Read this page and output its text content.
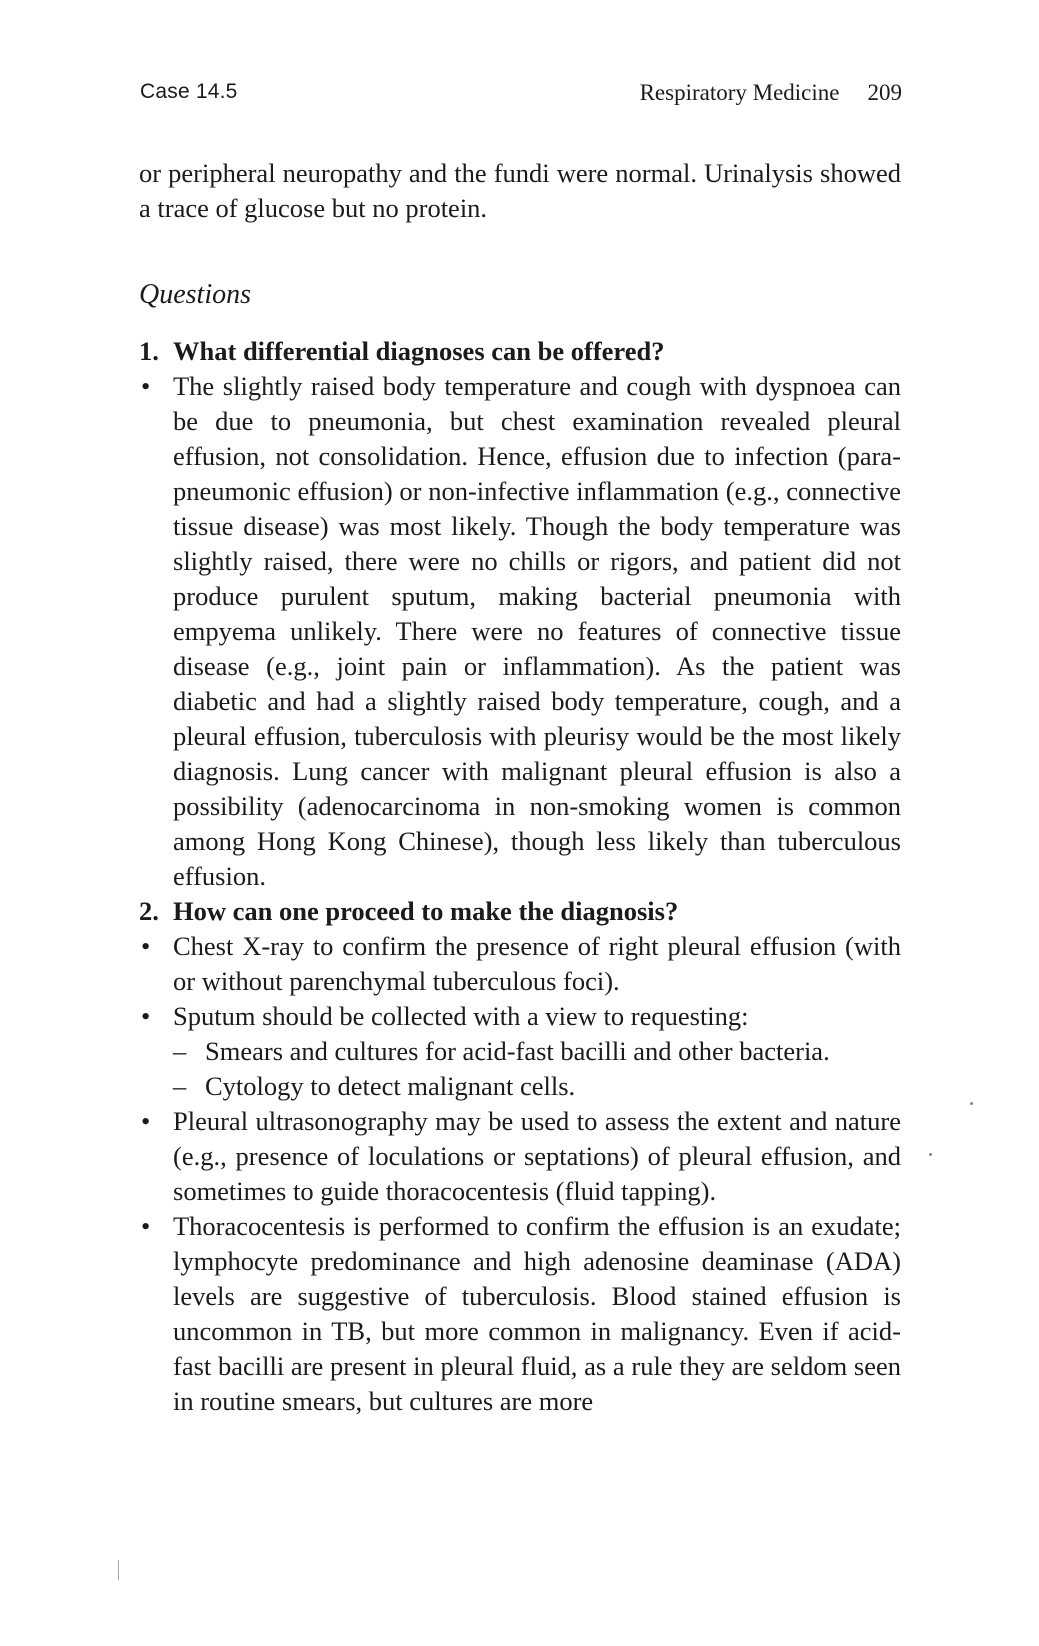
Case 14.5	Respiratory Medicine 209
or peripheral neuropathy and the fundi were normal. Urinalysis showed a trace of glucose but no protein.
Questions
1. What differential diagnoses can be offered?
• The slightly raised body temperature and cough with dyspnoea can be due to pneumonia, but chest examination revealed pleural effusion, not consolidation. Hence, effusion due to infection (para-pneumonic effusion) or non-infective inflammation (e.g., connective tissue disease) was most likely. Though the body temperature was slightly raised, there were no chills or rigors, and patient did not produce purulent sputum, making bacterial pneumonia with empyema unlikely. There were no features of connective tissue disease (e.g., joint pain or inflammation). As the patient was diabetic and had a slightly raised body temperature, cough, and a pleural effusion, tuberculosis with pleurisy would be the most likely diagnosis. Lung cancer with malignant pleural effusion is also a possibility (adenocarcinoma in non-smoking women is common among Hong Kong Chinese), though less likely than tuberculous effusion.
2. How can one proceed to make the diagnosis?
• Chest X-ray to confirm the presence of right pleural effusion (with or without parenchymal tuberculous foci).
• Sputum should be collected with a view to requesting:
– Smears and cultures for acid-fast bacilli and other bacteria.
– Cytology to detect malignant cells.
• Pleural ultrasonography may be used to assess the extent and nature (e.g., presence of loculations or septations) of pleural effusion, and sometimes to guide thoracocentesis (fluid tapping).
• Thoracocentesis is performed to confirm the effusion is an exudate; lymphocyte predominance and high adenosine deaminase (ADA) levels are suggestive of tuberculosis. Blood stained effusion is uncommon in TB, but more common in malignancy. Even if acid-fast bacilli are present in pleural fluid, as a rule they are seldom seen in routine smears, but cultures are more
